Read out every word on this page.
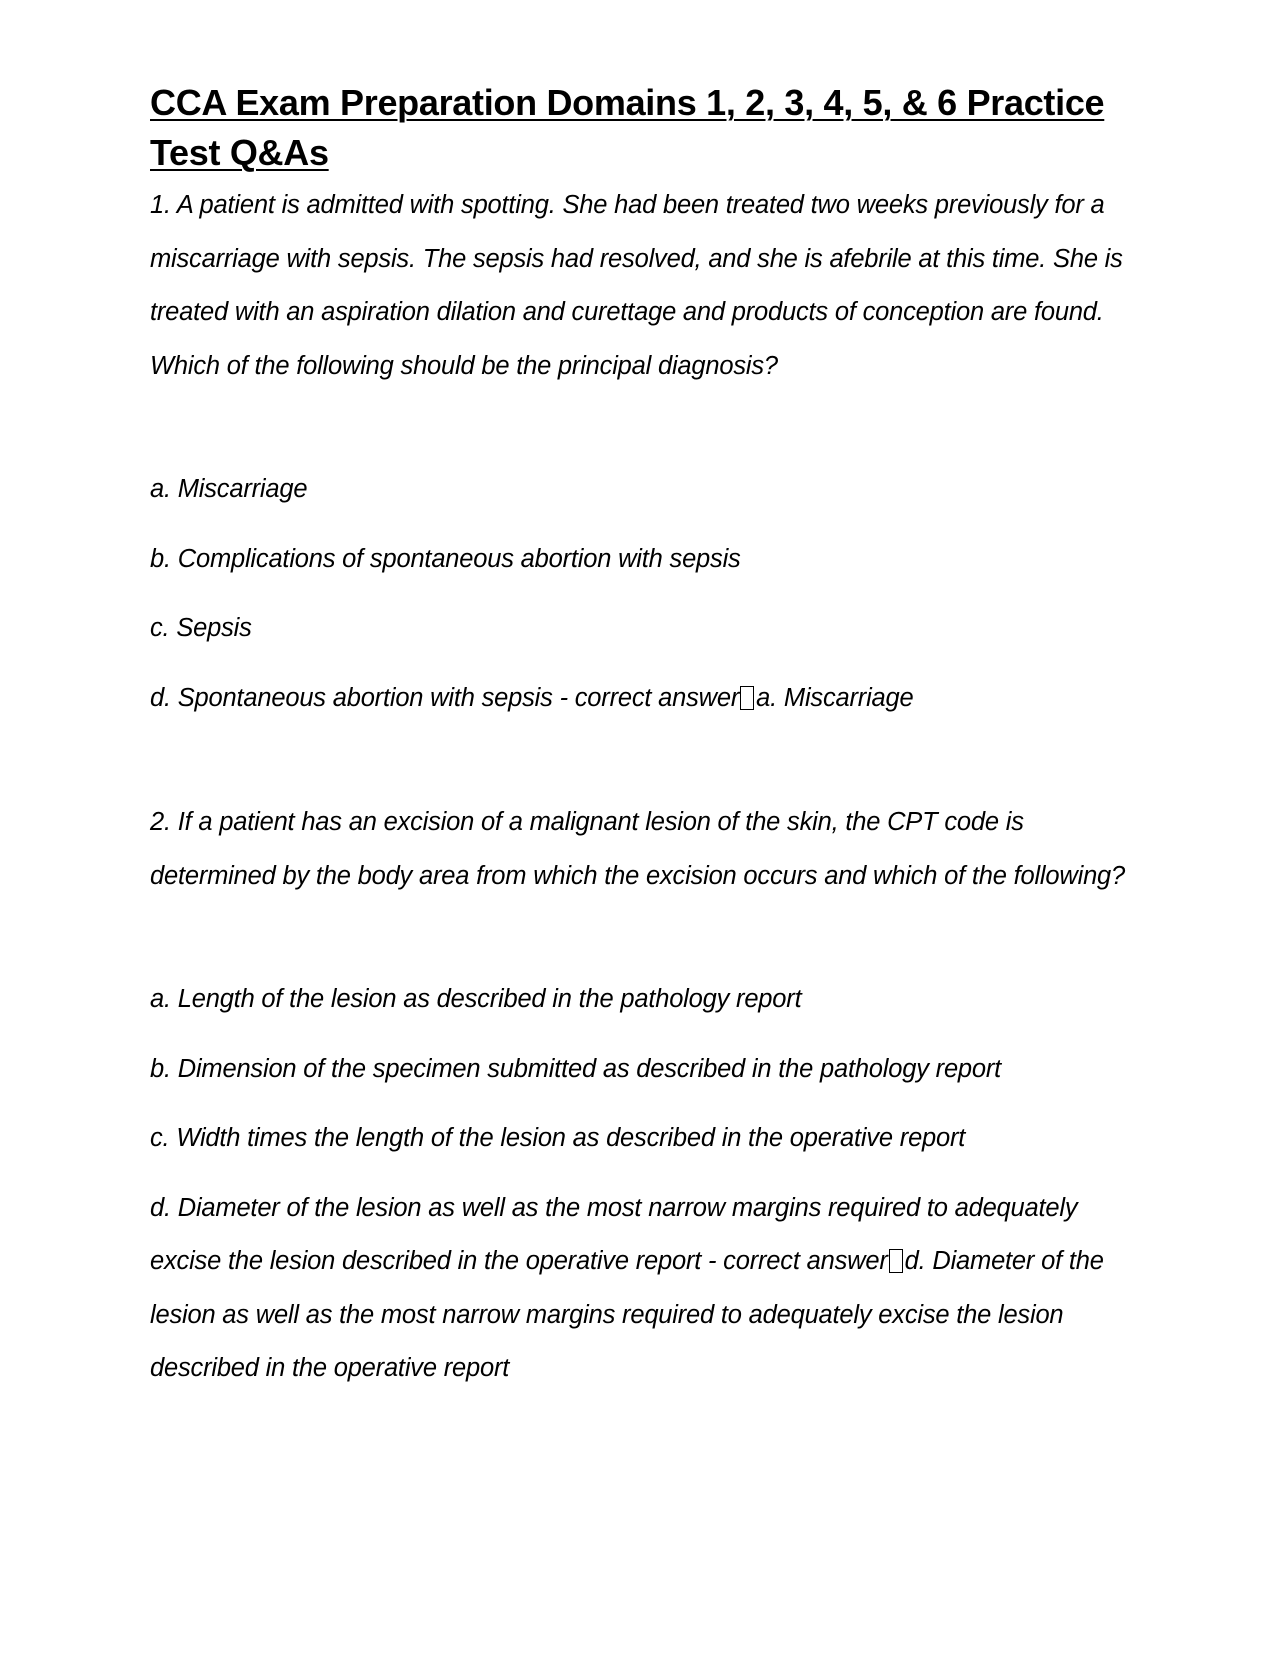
CCA Exam Preparation Domains 1, 2, 3, 4, 5, & 6 Practice Test Q&As

1. A patient is admitted with spotting. She had been treated two weeks previously for a miscarriage with sepsis. The sepsis had resolved, and she is afebrile at this time. She is treated with an aspiration dilation and curettage and products of conception are found. Which of the following should be the principal diagnosis?

a. Miscarriage

b. Complications of spontaneous abortion with sepsis

c. Sepsis

d. Spontaneous abortion with sepsis - correct answer a. Miscarriage

2. If a patient has an excision of a malignant lesion of the skin, the CPT code is determined by the body area from which the excision occurs and which of the following?

a. Length of the lesion as described in the pathology report

b. Dimension of the specimen submitted as described in the pathology report

c. Width times the length of the lesion as described in the operative report

d. Diameter of the lesion as well as the most narrow margins required to adequately excise the lesion described in the operative report - correct answer d. Diameter of the lesion as well as the most narrow margins required to adequately excise the lesion described in the operative report
